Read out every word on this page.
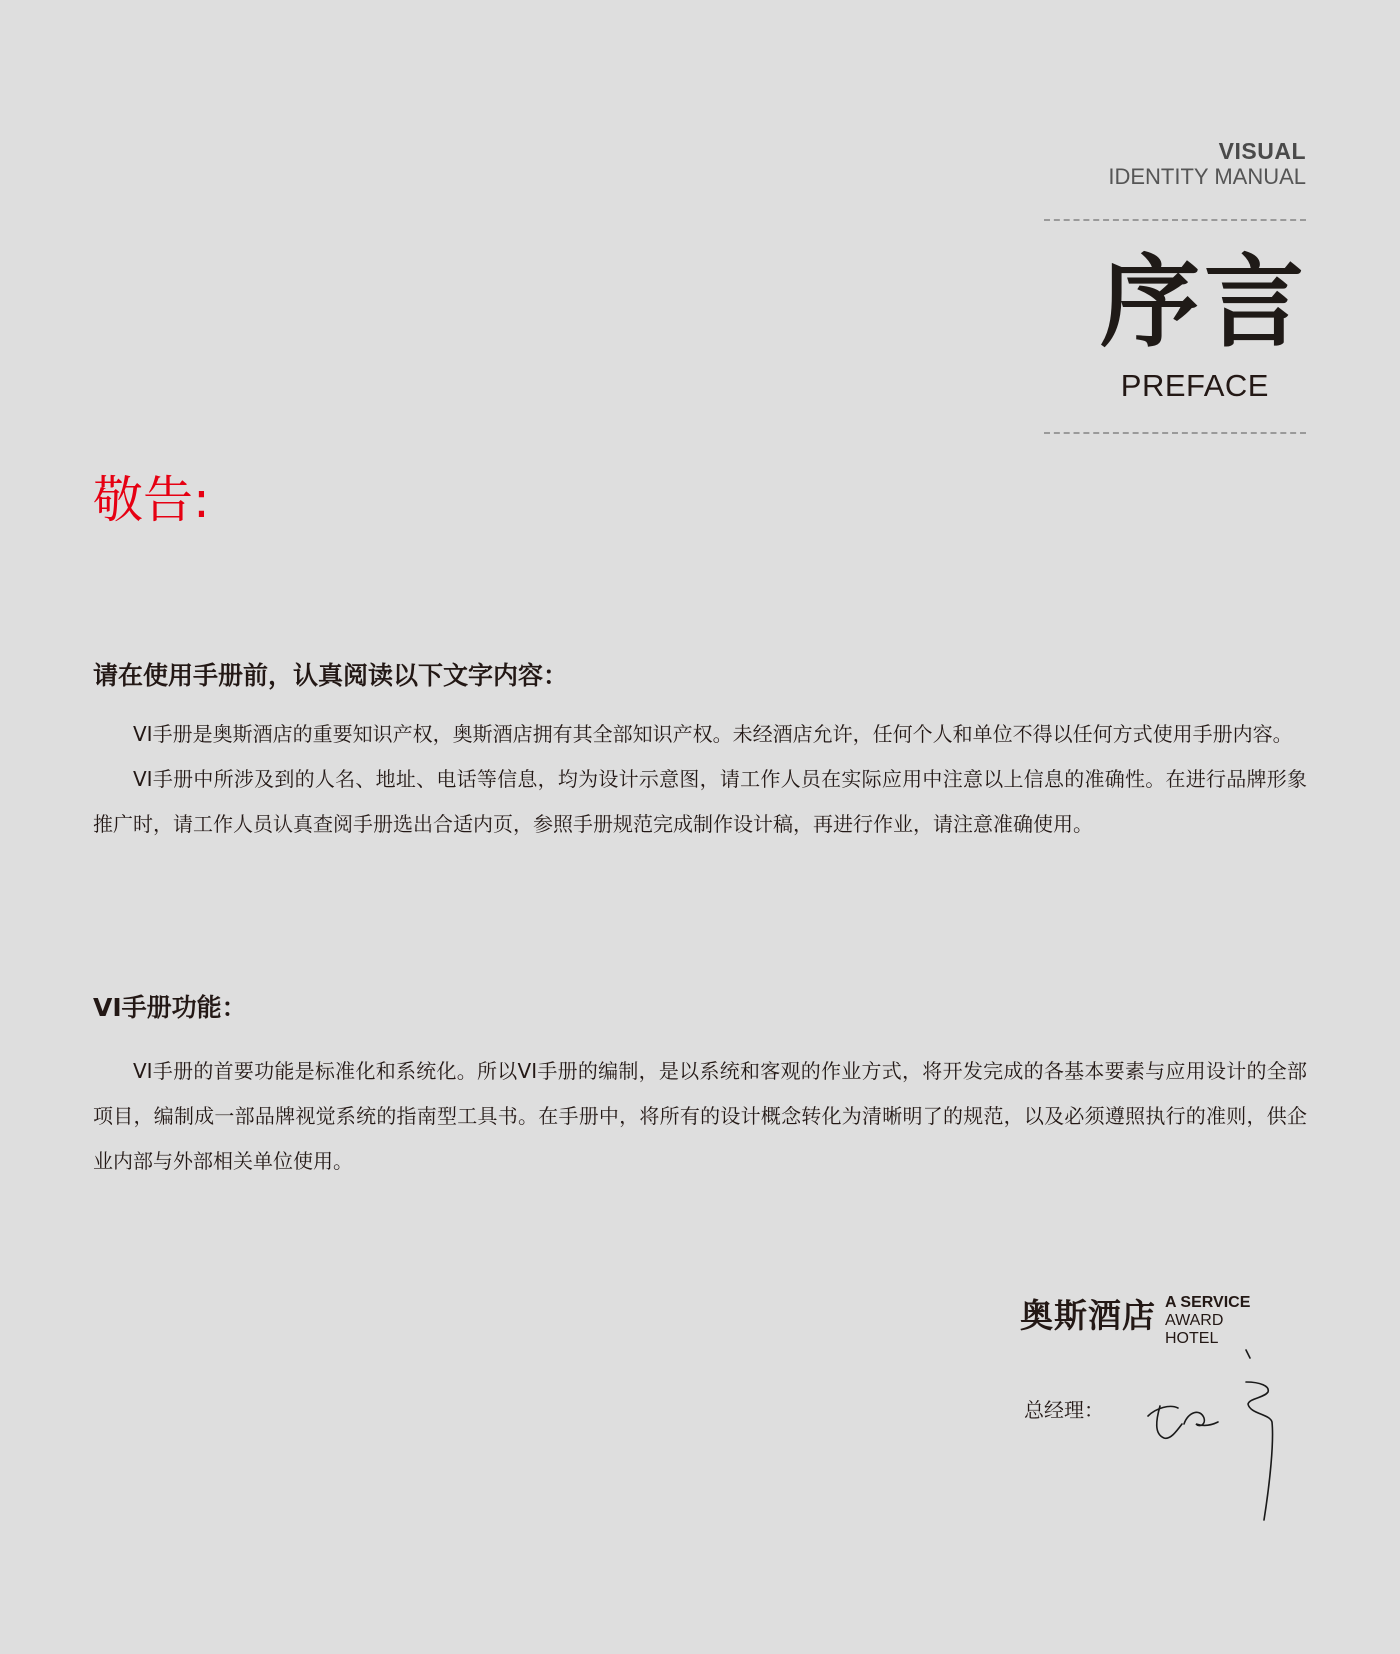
VISUAL
IDENTITY MANUAL
序言
PREFACE
敬告:
请在使用手册前，认真阅读以下文字内容：

VI手册是奥斯酒店的重要知识产权，奥斯酒店拥有其全部知识产权。未经酒店允许，任何个人和单位不得以任何方式使用手册内容。

VI手册中所涉及到的人名、地址、电话等信息，均为设计示意图，请工作人员在实际应用中注意以上信息的准确性。在进行品牌形象推广时，请工作人员认真查阅手册选出合适内页，参照手册规范完成制作设计稿，再进行作业，请注意准确使用。

VI手册功能：

VI手册的首要功能是标准化和系统化。所以VI手册的编制，是以系统和客观的作业方式，将开发完成的各基本要素与应用设计的全部项目，编制成一部品牌视觉系统的指南型工具书。在手册中，将所有的设计概念转化为清晰明了的规范，以及必须遵照执行的准则，供企业内部与外部相关单位使用。

奥斯酒店 A SERVICE AWARD
HOTEL
总经理：
